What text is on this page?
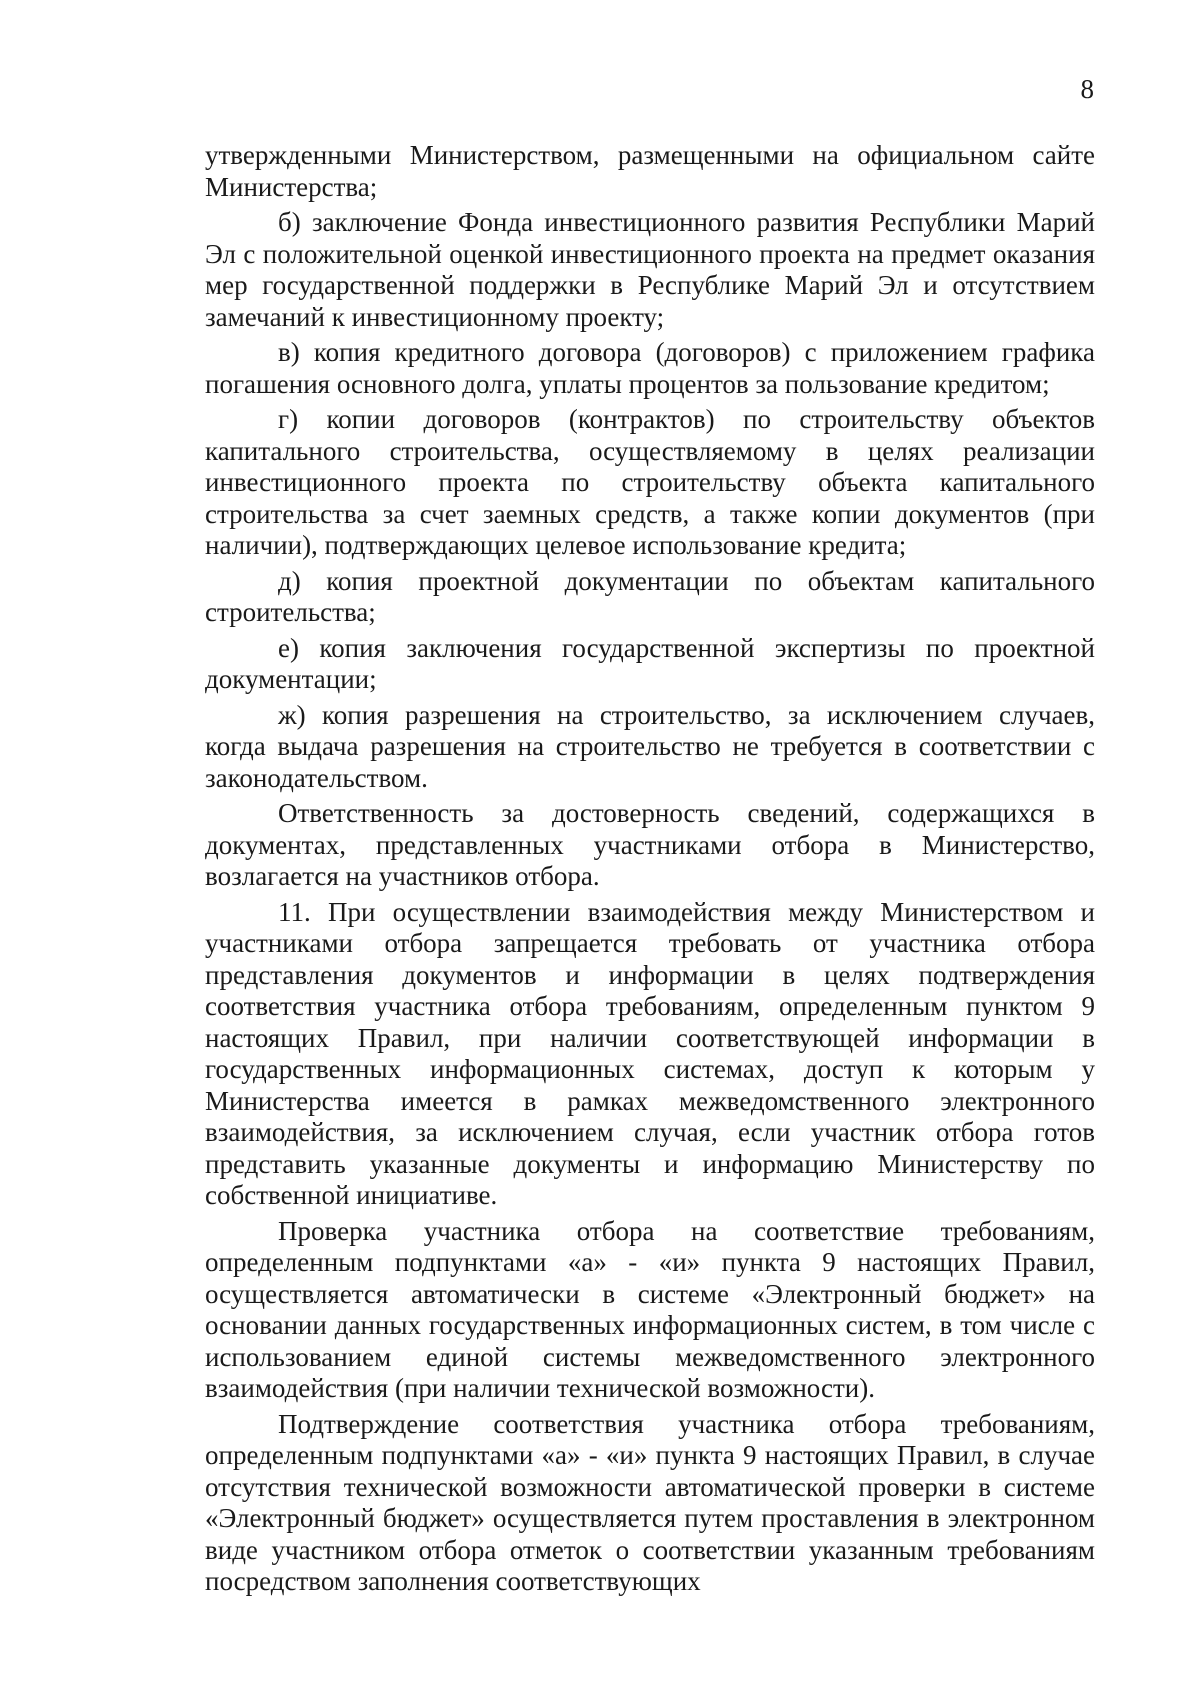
8

утвержденными Министерством, размещенными на официальном сайте Министерства;

б) заключение Фонда инвестиционного развития Республики Марий Эл с положительной оценкой инвестиционного проекта на предмет оказания мер государственной поддержки в Республике Марий Эл и отсутствием замечаний к инвестиционному проекту;

в) копия кредитного договора (договоров) с приложением графика погашения основного долга, уплаты процентов за пользование кредитом;

г) копии договоров (контрактов) по строительству объектов капитального строительства, осуществляемому в целях реализации инвестиционного проекта по строительству объекта капитального строительства за счет заемных средств, а также копии документов (при наличии), подтверждающих целевое использование кредита;

д) копия проектной документации по объектам капитального строительства;

е) копия заключения государственной экспертизы по проектной документации;

ж) копия разрешения на строительство, за исключением случаев, когда выдача разрешения на строительство не требуется в соответствии с законодательством.

Ответственность за достоверность сведений, содержащихся в документах, представленных участниками отбора в Министерство, возлагается на участников отбора.

11. При осуществлении взаимодействия между Министерством и участниками отбора запрещается требовать от участника отбора представления документов и информации в целях подтверждения соответствия участника отбора требованиям, определенным пунктом 9 настоящих Правил, при наличии соответствующей информации в государственных информационных системах, доступ к которым у Министерства имеется в рамках межведомственного электронного взаимодействия, за исключением случая, если участник отбора готов представить указанные документы и информацию Министерству по собственной инициативе.

Проверка участника отбора на соответствие требованиям, определенным подпунктами «а» - «и» пункта 9 настоящих Правил, осуществляется автоматически в системе «Электронный бюджет» на основании данных государственных информационных систем, в том числе с использованием единой системы межведомственного электронного взаимодействия (при наличии технической возможности).

Подтверждение соответствия участника отбора требованиям, определенным подпунктами «а» - «и» пункта 9 настоящих Правил, в случае отсутствия технической возможности автоматической проверки в системе «Электронный бюджет» осуществляется путем проставления в электронном виде участником отбора отметок о соответствии указанным требованиям посредством заполнения соответствующих
